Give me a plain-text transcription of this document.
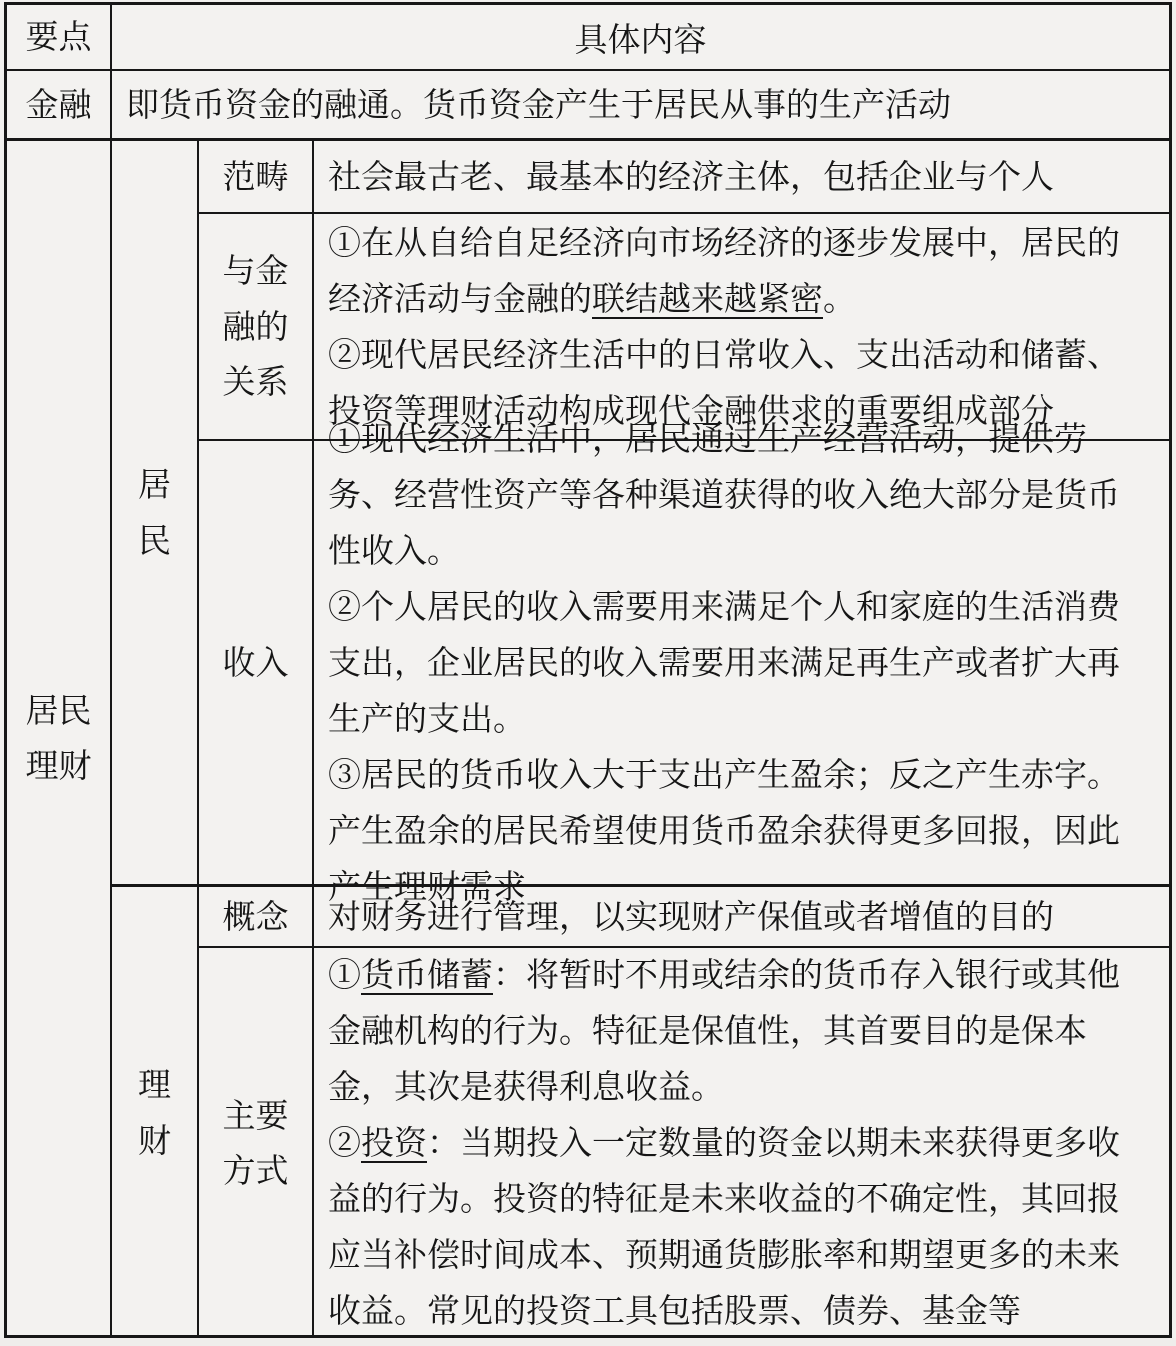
要点	具体内容
金融 即货币资金的融通。货币资金产生于居民从事的生产活动
居民理财
居民
范畴 社会最古老、最基本的经济主体，包括企业与个人
与金融的关系
①在从自给自足经济向市场经济的逐步发展中，居民的经济活动与金融的联结越来越紧密。
②现代居民经济生活中的日常收入、支出活动和储蓄、投资等理财活动构成现代金融供求的重要组成部分
收入
①现代经济生活中，居民通过生产经营活动，提供劳务、经营性资产等各种渠道获得的收入绝大部分是货币性收入。
②个人居民的收入需要用来满足个人和家庭的生活消费支出，企业居民的收入需要用来满足再生产或者扩大再生产的支出。
③居民的货币收入大于支出产生盈余；反之产生赤字。产生盈余的居民希望使用货币盈余获得更多回报，因此产生理财需求
理财
概念 对财务进行管理，以实现财产保值或者增值的目的
主要方式
①货币储蓄：将暂时不用或结余的货币存入银行或其他金融机构的行为。特征是保值性，其首要目的是保本金，其次是获得利息收益。
②投资：当期投入一定数量的资金以期未来获得更多收益的行为。投资的特征是未来收益的不确定性，其回报应当补偿时间成本、预期通货膨胀率和期望更多的未来收益。常见的投资工具包括股票、债券、基金等
